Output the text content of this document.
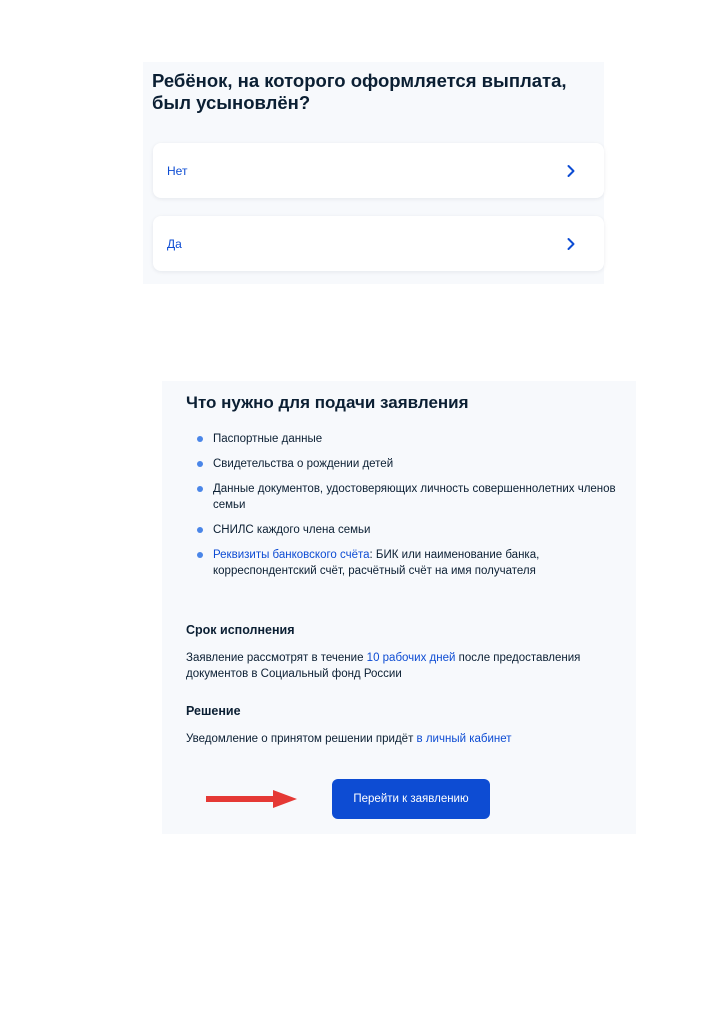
Ребёнок, на которого оформляется выплата, был усыновлён?
Нет
Да
Что нужно для подачи заявления
Паспортные данные
Свидетельства о рождении детей
Данные документов, удостоверяющих личность совершеннолетних членов семьи
СНИЛС каждого члена семьи
Реквизиты банковского счёта: БИК или наименование банка, корреспондентский счёт, расчётный счёт на имя получателя
Срок исполнения

Заявление рассмотрят в течение 10 рабочих дней после предоставления документов в Социальный фонд России

Решение

Уведомление о принятом решении придёт в личный кабинет

Перейти к заявлению
